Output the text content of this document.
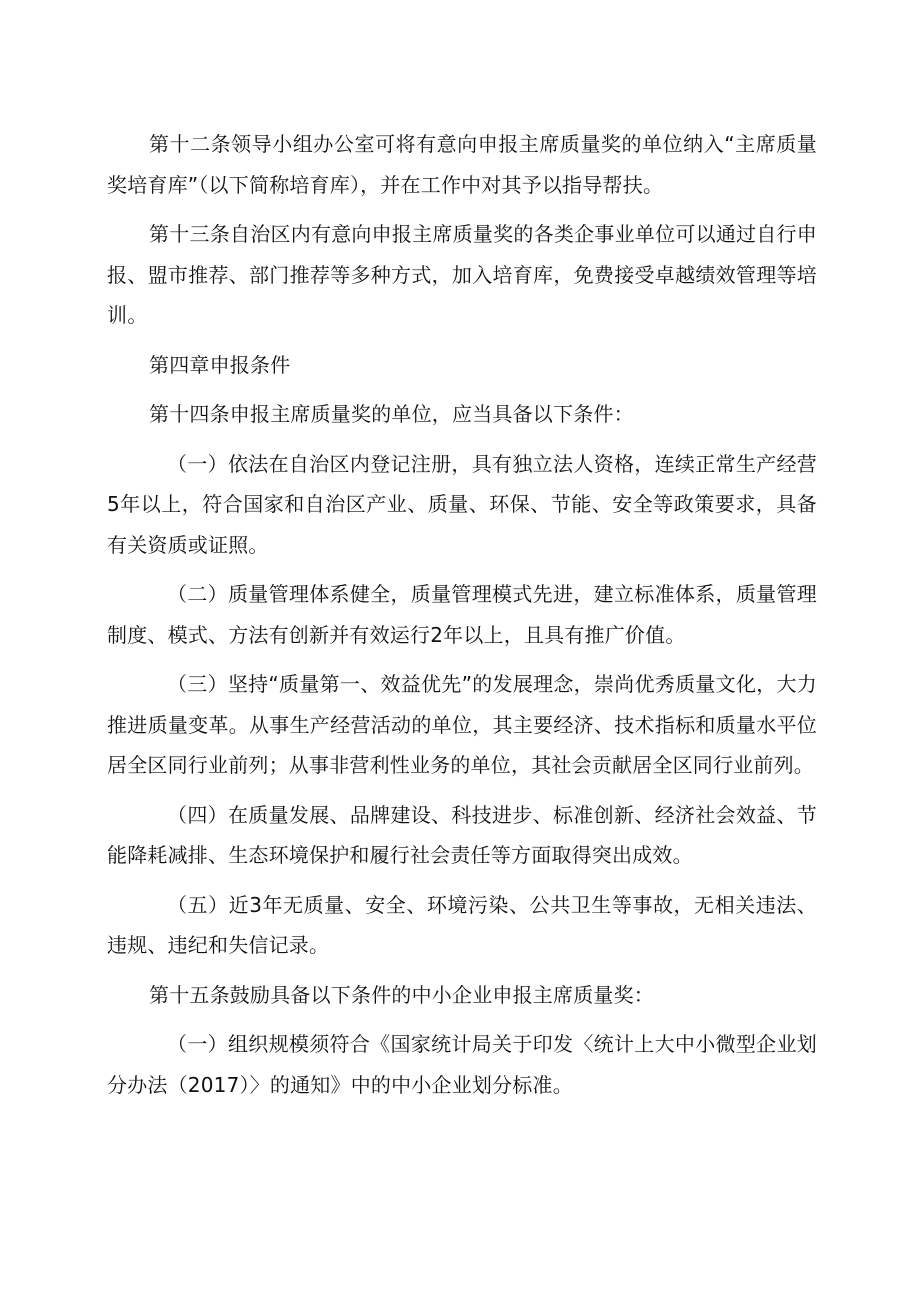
第十二条领导小组办公室可将有意向申报主席质量奖的单位纳入“主席质量奖培育库”（以下简称培育库），并在工作中对其予以指导帮扶。

第十三条自治区内有意向申报主席质量奖的各类企事业单位可以通过自行申报、盟市推荐、部门推荐等多种方式，加入培育库，免费接受卓越绩效管理等培训。

第四章申报条件

第十四条申报主席质量奖的单位，应当具备以下条件：

（一）依法在自治区内登记注册，具有独立法人资格，连续正常生产经营5年以上，符合国家和自治区产业、质量、环保、节能、安全等政策要求，具备有关资质或证照。

（二）质量管理体系健全，质量管理模式先进，建立标准体系，质量管理制度、模式、方法有创新并有效运行2年以上，且具有推广价值。

（三）坚持“质量第一、效益优先”的发展理念，崇尚优秀质量文化，大力推进质量变革。从事生产经营活动的单位，其主要经济、技术指标和质量水平位居全区同行业前列；从事非营利性业务的单位，其社会贡献居全区同行业前列。

（四）在质量发展、品牌建设、科技进步、标准创新、经济社会效益、节能降耗减排、生态环境保护和履行社会责任等方面取得突出成效。

（五）近3年无质量、安全、环境污染、公共卫生等事故，无相关违法、违规、违纪和失信记录。

第十五条鼓励具备以下条件的中小企业申报主席质量奖：

（一）组织规模须符合《国家统计局关于印发〈统计上大中小微型企业划分办法（2017）〉的通知》中的中小企业划分标准。
